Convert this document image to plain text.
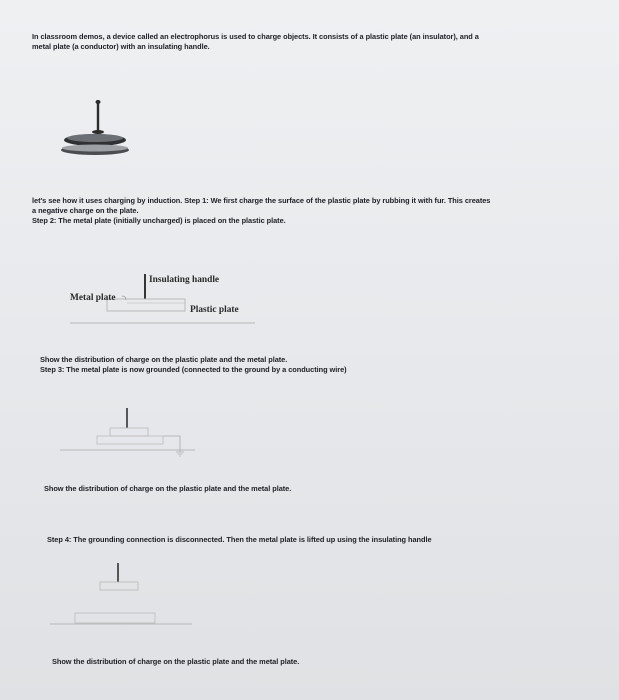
In classroom demos, a device called an electrophorus is used to charge objects. It consists of a plastic plate (an insulator), and a
metal plate (a conductor) with an insulating handle.
let's see how it uses charging by induction. Step 1: We first charge the surface of the plastic plate by rubbing it with fur. This creates
a negative charge on the plate.
Step 2: The metal plate (initially uncharged) is placed on the plastic plate.
Insulating handle
Metal plate
Plastic plate
Show the distribution of charge on the plastic plate and the metal plate.
Step 3: The metal plate is now grounded (connected to the ground by a conducting wire)
Show the distribution of charge on the plastic plate and the metal plate.
Step 4: The grounding connection is disconnected. Then the metal plate is lifted up using the insulating handle
Show the distribution of charge on the plastic plate and the metal plate.
